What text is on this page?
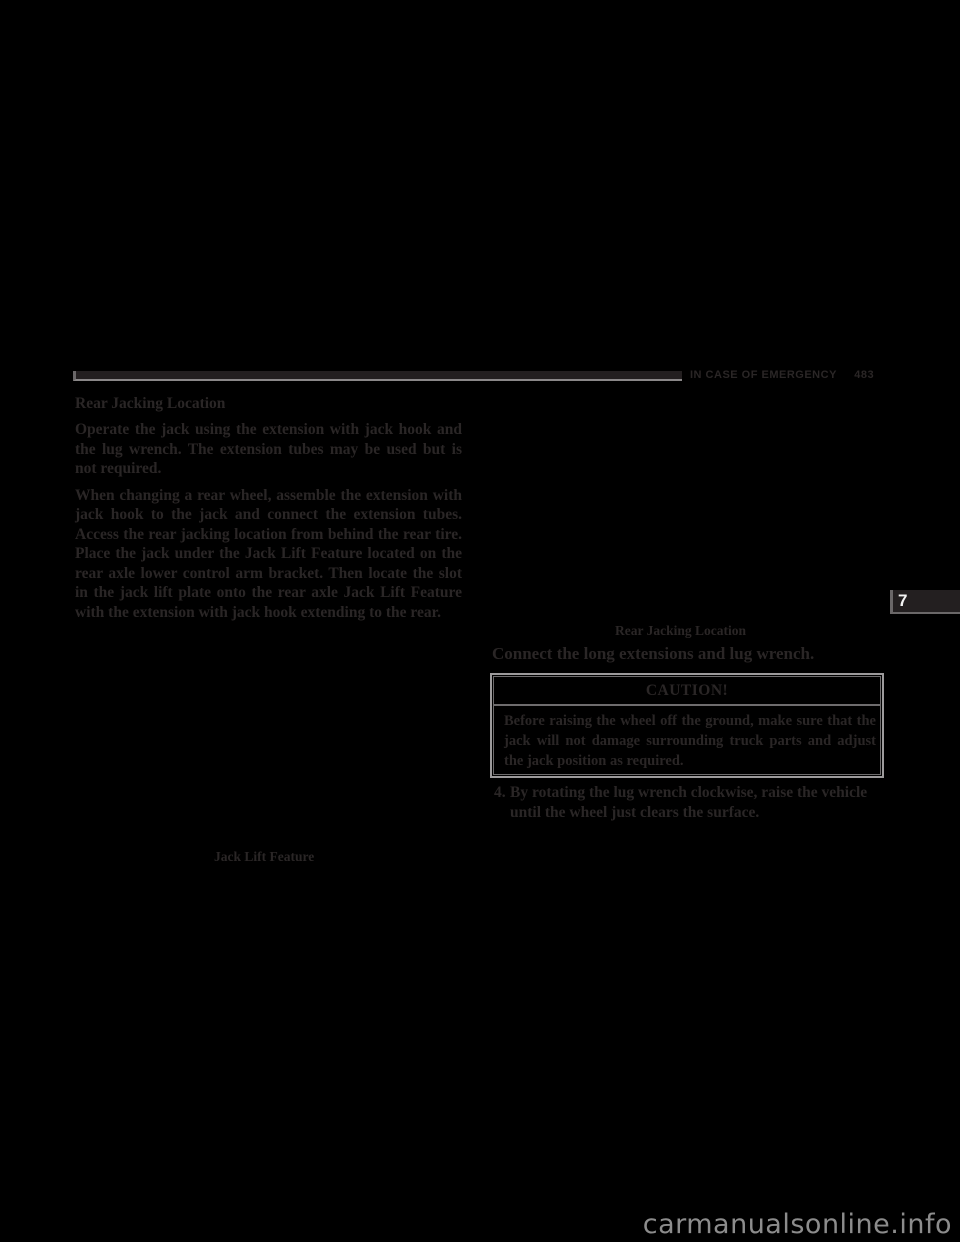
IN CASE OF EMERGENCY 483
7
Rear Jacking Location

Operate the jack using the extension with jack hook and the lug wrench. The extension tubes may be used but is not required.

When changing a rear wheel, assemble the extension with jack hook to the jack and connect the extension tubes. Access the rear jacking location from behind the rear tire. Place the jack under the Jack Lift Feature located on the rear axle lower control arm bracket. Then locate the slot in the jack lift plate onto the rear axle Jack Lift Feature with the extension with jack hook extending to the rear.

Jack Lift Feature
Rear Jacking Location
Connect the long extensions and lug wrench.
CAUTION!
Before raising the wheel off the ground, make sure that the jack will not damage surrounding truck parts and adjust the jack position as required.
4. By rotating the lug wrench clockwise, raise the vehicle
until the wheel just clears the surface.
carmanualsonline.info
